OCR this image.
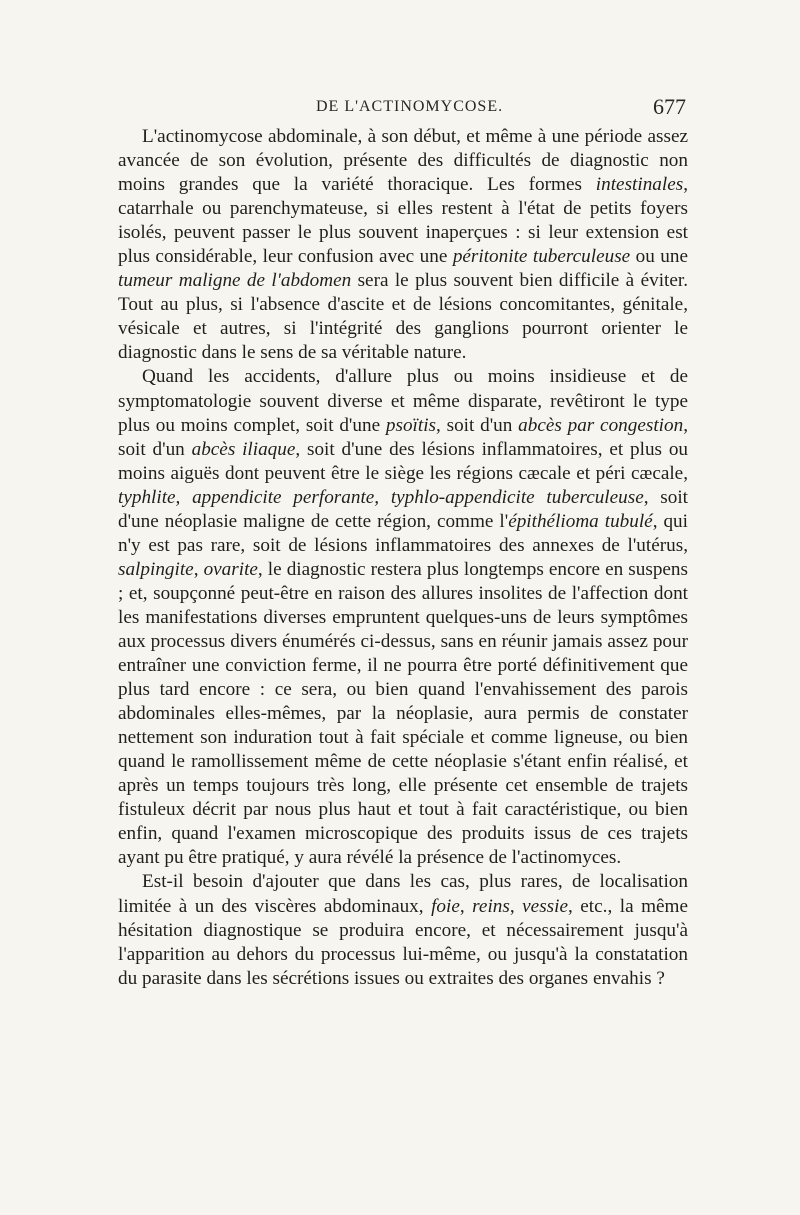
DE L'ACTINOMYCOSE.	677

L'actinomycose abdominale, à son début, et même à une période assez avancée de son évolution, présente des difficultés de diagnostic non moins grandes que la variété thoracique. Les formes intestinales, catarrhale ou parenchymateuse, si elles restent à l'état de petits foyers isolés, peuvent passer le plus souvent inaperçues : si leur extension est plus considérable, leur confusion avec une péritonite tuberculeuse ou une tumeur maligne de l'abdomen sera le plus souvent bien difficile à éviter. Tout au plus, si l'absence d'ascite et de lésions concomitantes, génitale, vésicale et autres, si l'intégrité des ganglions pourront orienter le diagnostic dans le sens de sa véritable nature.

Quand les accidents, d'allure plus ou moins insidieuse et de symptomatologie souvent diverse et même disparate, revêtiront le type plus ou moins complet, soit d'une psoïtis, soit d'un abcès par congestion, soit d'un abcès iliaque, soit d'une des lésions inflammatoires, et plus ou moins aiguës dont peuvent être le siège les régions cæcale et péri cæcale, typhlite, appendicite perforante, typhlo-appendicite tuberculeuse, soit d'une néoplasie maligne de cette région, comme l'épithélioma tubulé, qui n'y est pas rare, soit de lésions inflammatoires des annexes de l'utérus, salpingite, ovarite, le diagnostic restera plus longtemps encore en suspens ; et, soupçonné peut-être en raison des allures insolites de l'affection dont les manifestations diverses empruntent quelques-uns de leurs symptômes aux processus divers énumérés ci-dessus, sans en réunir jamais assez pour entraîner une conviction ferme, il ne pourra être porté définitivement que plus tard encore : ce sera, ou bien quand l'envahissement des parois abdominales elles-mêmes, par la néoplasie, aura permis de constater nettement son induration tout à fait spéciale et comme ligneuse, ou bien quand le ramollissement même de cette néoplasie s'étant enfin réalisé, et après un temps toujours très long, elle présente cet ensemble de trajets fistuleux décrit par nous plus haut et tout à fait caractéristique, ou bien enfin, quand l'examen microscopique des produits issus de ces trajets ayant pu être pratiqué, y aura révélé la présence de l'actinomyces.

Est-il besoin d'ajouter que dans les cas, plus rares, de localisation limitée à un des viscères abdominaux, foie, reins, vessie, etc., la même hésitation diagnostique se produira encore, et nécessairement jusqu'à l'apparition au dehors du processus lui-même, ou jusqu'à la constatation du parasite dans les sécrétions issues ou extraites des organes envahis ?
